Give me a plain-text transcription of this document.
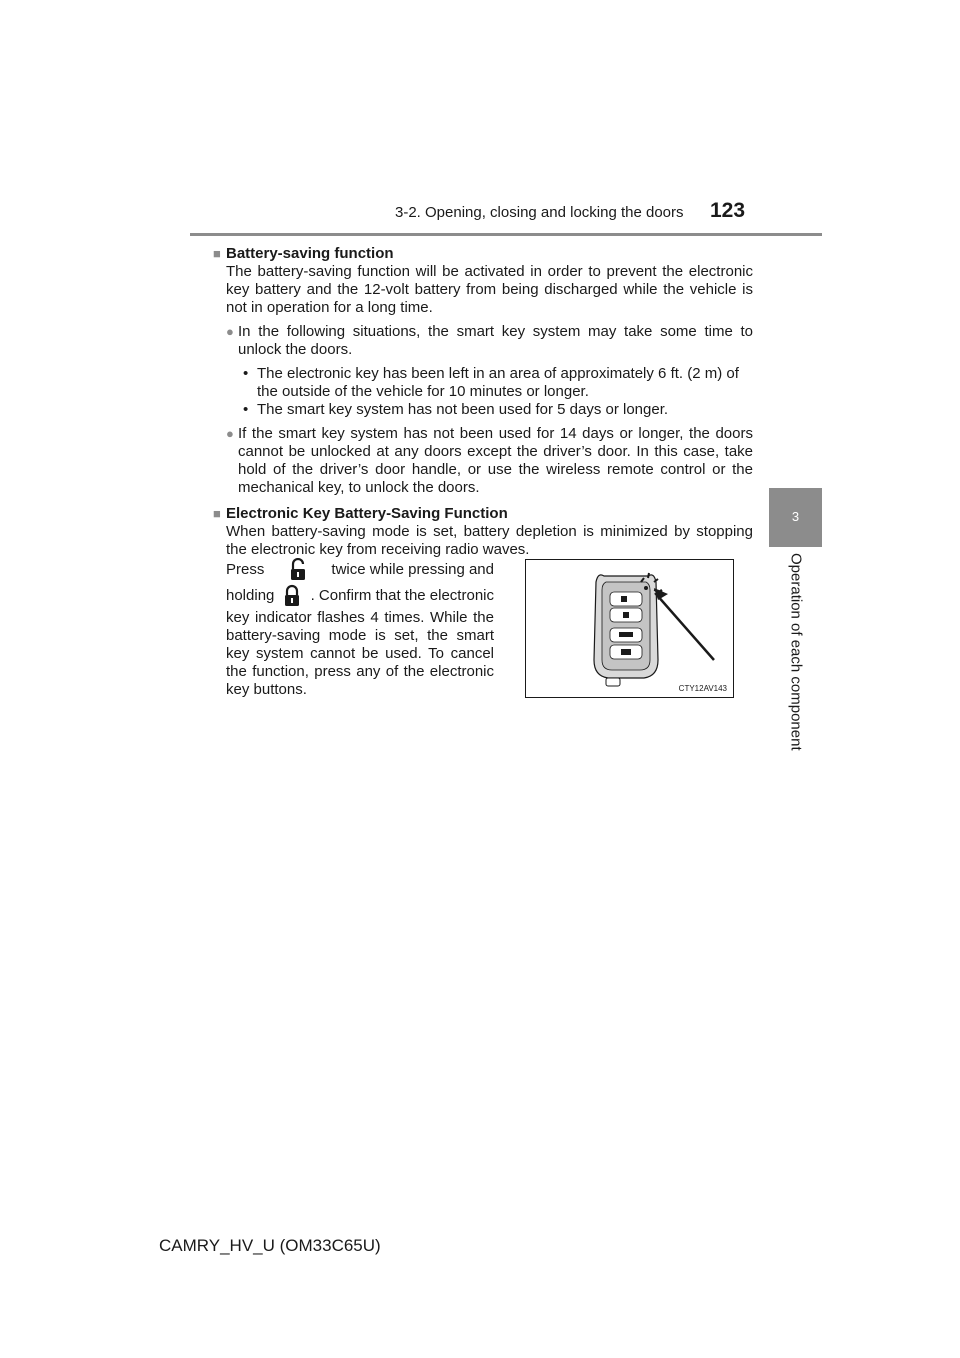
3-2. Opening, closing and locking the doors 123
3
Operation of each component
■ Battery-saving function
The battery-saving function will be activated in order to prevent the electronic key battery and the 12-volt battery from being discharged while the vehicle is not in operation for a long time.
● In the following situations, the smart key system may take some time to unlock the doors.
• The electronic key has been left in an area of approximately 6 ft. (2 m) of the outside of the vehicle for 10 minutes or longer.
• The smart key system has not been used for 5 days or longer.
● If the smart key system has not been used for 14 days or longer, the doors cannot be unlocked at any doors except the driver’s door. In this case, take hold of the driver’s door handle, or use the wireless remote control or the mechanical key, to unlock the doors.
■ Electronic Key Battery-Saving Function
When battery-saving mode is set, battery depletion is minimized by stopping the electronic key from receiving radio waves.
Press	twice while pressing and
holding . Confirm that the electronic
key indicator flashes 4 times. While the battery-saving mode is set, the smart key system cannot be used. To cancel the function, press any of the electronic key buttons.	CTY12AV143
CAMRY_HV_U (OM33C65U)
